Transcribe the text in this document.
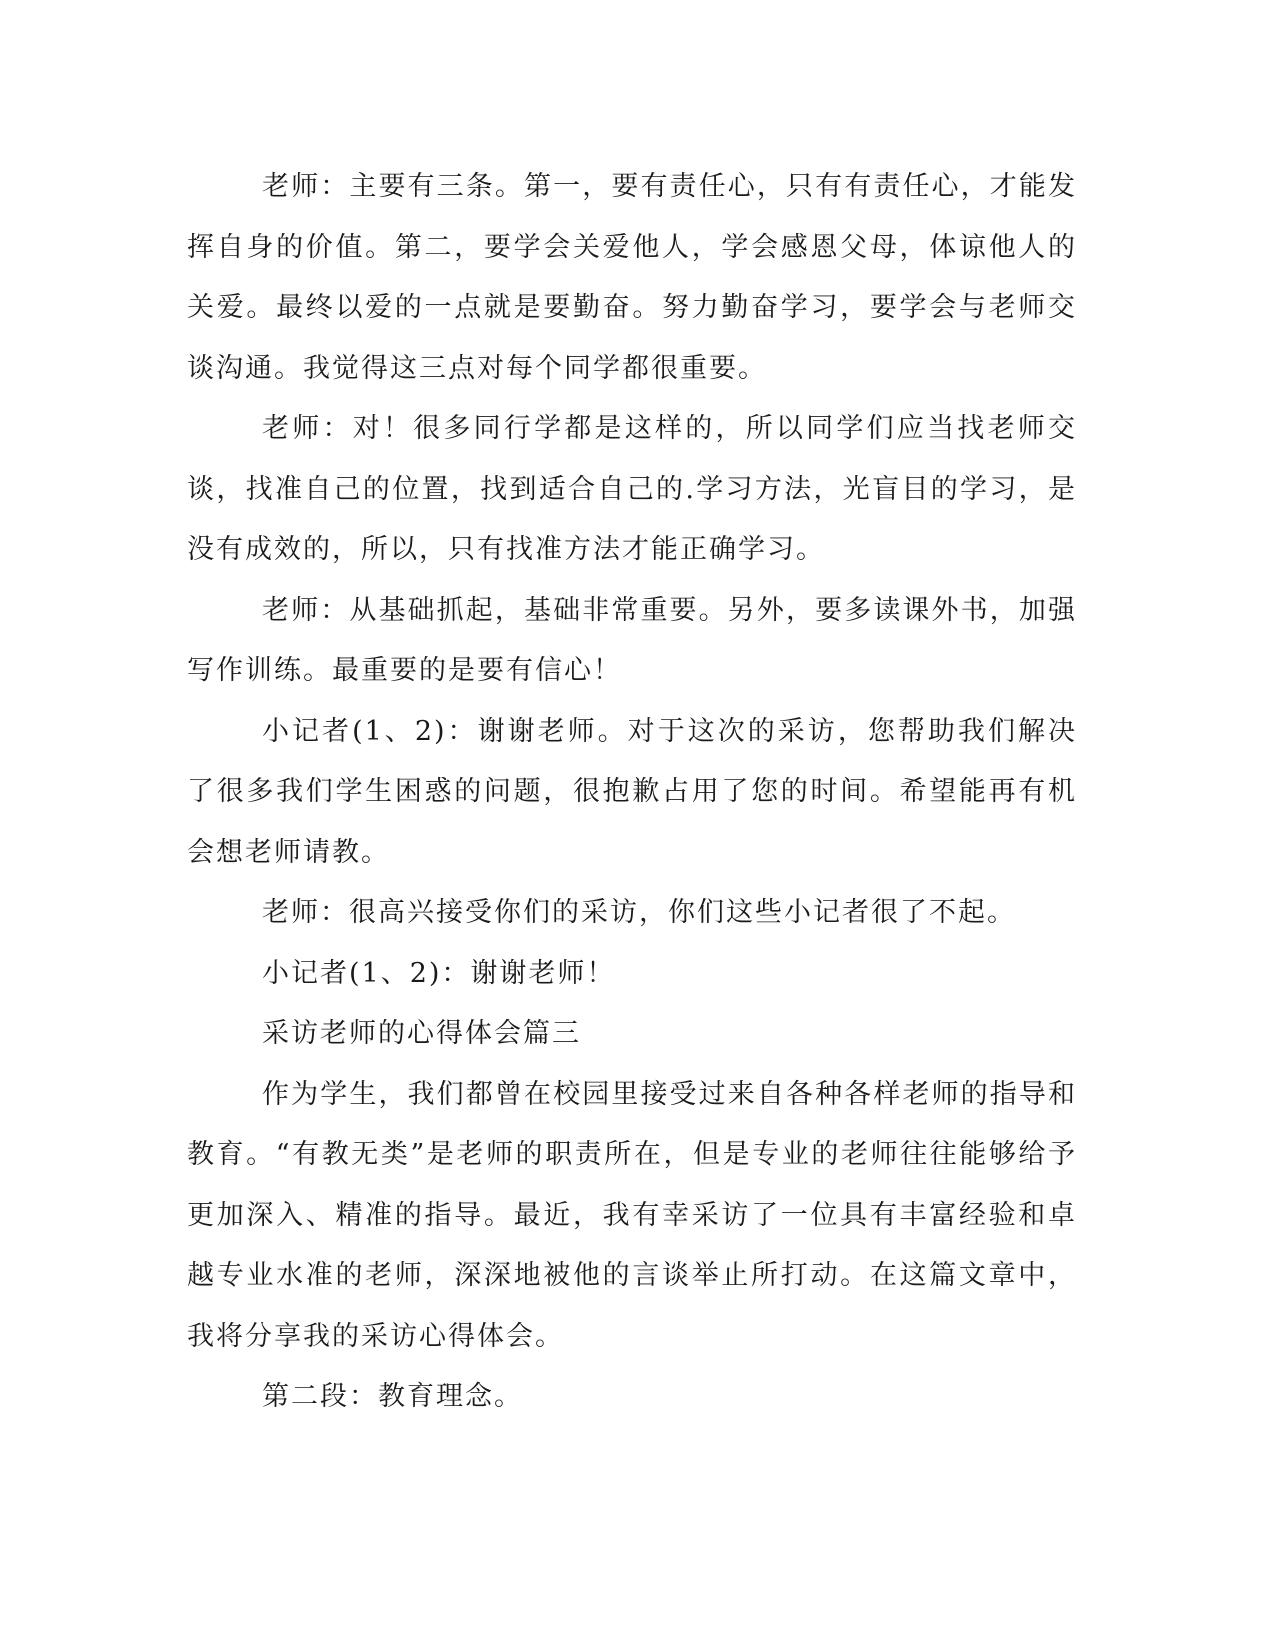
老师：主要有三条。第一，要有责任心，只有有责任心，才能发挥自身的价值。第二，要学会关爱他人，学会感恩父母，体谅他人的关爱。最终以爱的一点就是要勤奋。努力勤奋学习，要学会与老师交谈沟通。我觉得这三点对每个同学都很重要。

老师：对！很多同行学都是这样的，所以同学们应当找老师交谈，找准自己的位置，找到适合自己的.学习方法，光盲目的学习，是没有成效的，所以，只有找准方法才能正确学习。

老师：从基础抓起，基础非常重要。另外，要多读课外书，加强写作训练。最重要的是要有信心！

小记者(1、2)：谢谢老师。对于这次的采访，您帮助我们解决了很多我们学生困惑的问题，很抱歉占用了您的时间。希望能再有机会想老师请教。

老师：很高兴接受你们的采访，你们这些小记者很了不起。

小记者(1、2)：谢谢老师！

采访老师的心得体会篇三

作为学生，我们都曾在校园里接受过来自各种各样老师的指导和教育。“有教无类”是老师的职责所在，但是专业的老师往往能够给予更加深入、精准的指导。最近，我有幸采访了一位具有丰富经验和卓越专业水准的老师，深深地被他的言谈举止所打动。在这篇文章中，我将分享我的采访心得体会。

第二段：教育理念。
